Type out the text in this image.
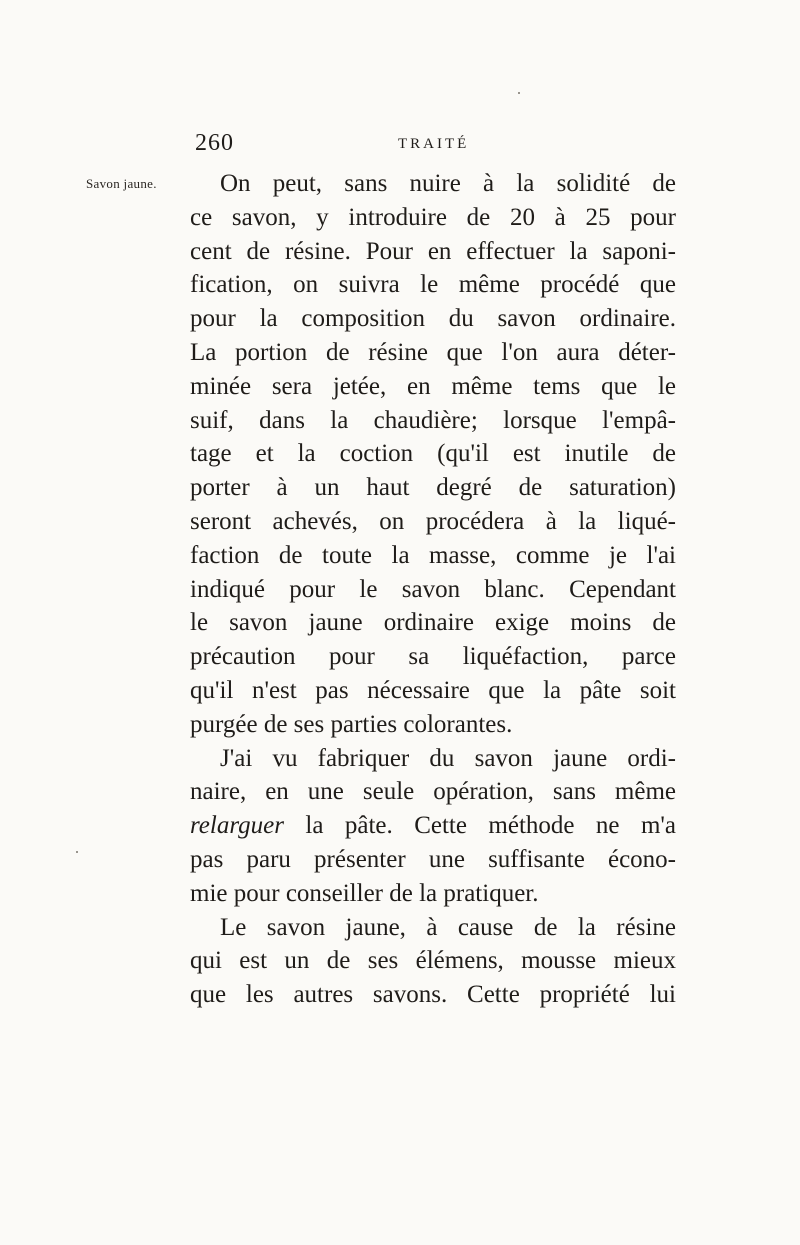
260	TRAITÉ
Savon jaune.	On peut, sans nuire à la solidité de
ce savon, y introduire de 20 à 25 pour
cent de résine. Pour en effectuer la saponi-
fication, on suivra le même procédé que
pour la composition du savon ordinaire.
La portion de résine que l'on aura déter-
minée sera jetée, en même tems que le
suif, dans la chaudière; lorsque l'empâ-
tage et la coction (qu'il est inutile de
porter à un haut degré de saturation)
seront achevés, on procédera à la liqué-
faction de toute la masse, comme je l'ai
indiqué pour le savon blanc. Cependant
le savon jaune ordinaire exige moins de
précaution pour sa liquéfaction, parce
qu'il n'est pas nécessaire que la pâte soit
purgée de ses parties colorantes.
J'ai vu fabriquer du savon jaune ordi-
naire, en une seule opération, sans même
relarguer la pâte. Cette méthode ne m'a
pas paru présenter une suffisante écono-
mie pour conseiller de la pratiquer.
Le savon jaune, à cause de la résine
qui est un de ses élémens, mousse mieux
que les autres savons. Cette propriété lui
